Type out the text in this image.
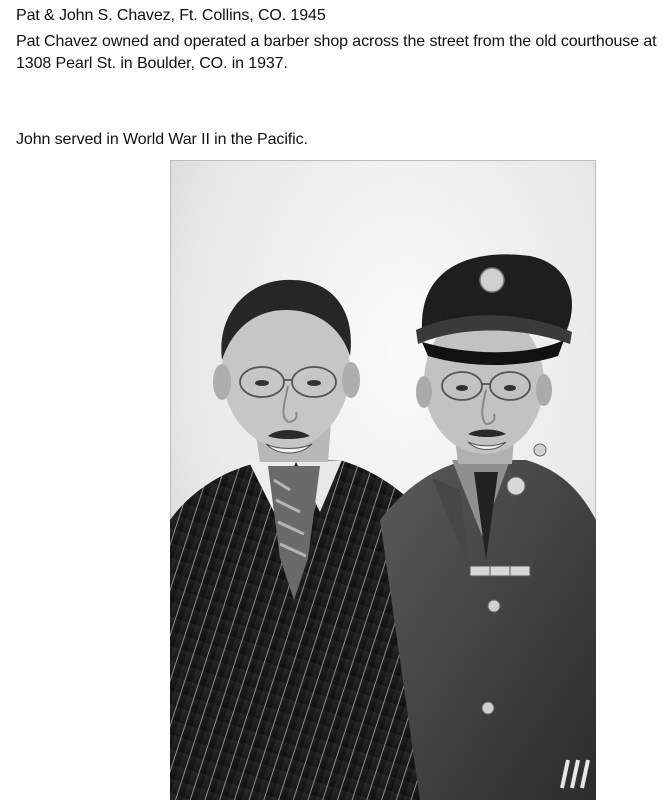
Pat & John S. Chavez, Ft. Collins, CO. 1945
Pat Chavez owned and operated a barber shop across the street from the old courthouse at 1308 Pearl St. in Boulder, CO. in 1937.
John served in World War II in the Pacific.
